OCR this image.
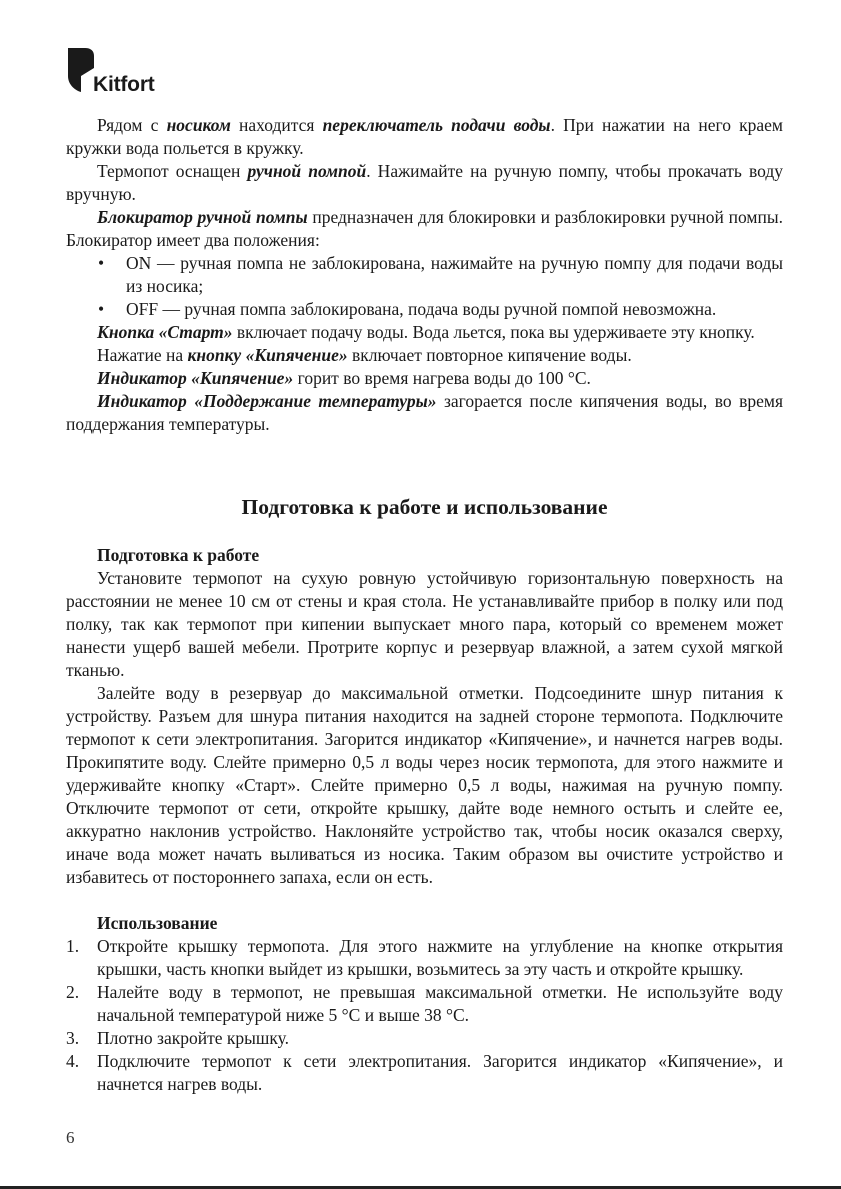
Kitfort

Рядом с носиком находится переключатель подачи воды. При нажатии на него краем кружки вода польется в кружку.

Термопот оснащен ручной помпой. Нажимайте на ручную помпу, чтобы прокачать воду вручную.

Блокиратор ручной помпы предназначен для блокировки и разблокировки ручной помпы. Блокиратор имеет два положения:

• ON — ручная помпа не заблокирована, нажимайте на ручную помпу для подачи воды из носика;
• OFF — ручная помпа заблокирована, подача воды ручной помпой невозможна.

Кнопка «Старт» включает подачу воды. Вода льется, пока вы удерживаете эту кнопку.

Нажатие на кнопку «Кипячение» включает повторное кипячение воды.

Индикатор «Кипячение» горит во время нагрева воды до 100 °С.

Индикатор «Поддержание температуры» загорается после кипячения воды, во время поддержания температуры.

Подготовка к работе и использование

Подготовка к работе

Установите термопот на сухую ровную устойчивую горизонтальную поверхность на расстоянии не менее 10 см от стены и края стола. Не устанавливайте прибор в полку или под полку, так как термопот при кипении выпускает много пара, который со временем может нанести ущерб вашей мебели. Протрите корпус и резервуар влажной, а затем сухой мягкой тканью.

Залейте воду в резервуар до максимальной отметки. Подсоедините шнур питания к устройству. Разъем для шнура питания находится на задней стороне термопота. Подключите термопот к сети электропитания. Загорится индикатор «Кипячение», и начнется нагрев воды. Прокипятите воду. Слейте примерно 0,5 л воды через носик термопота, для этого нажмите и удерживайте кнопку «Старт». Слейте примерно 0,5 л воды, нажимая на ручную помпу. Отключите термопот от сети, откройте крышку, дайте воде немного остыть и слейте ее, аккуратно наклонив устройство. Наклоняйте устройство так, чтобы носик оказался сверху, иначе вода может начать выливаться из носика. Таким образом вы очистите устройство и избавитесь от постороннего запаха, если он есть.

Использование

1. Откройте крышку термопота. Для этого нажмите на углубление на кнопке открытия крышки, часть кнопки выйдет из крышки, возьмитесь за эту часть и откройте крышку.
2. Налейте воду в термопот, не превышая максимальной отметки. Не используйте воду начальной температурой ниже 5 °С и выше 38 °С.
3. Плотно закройте крышку.
4. Подключите термопот к сети электропитания. Загорится индикатор «Кипячение», и начнется нагрев воды.
6
